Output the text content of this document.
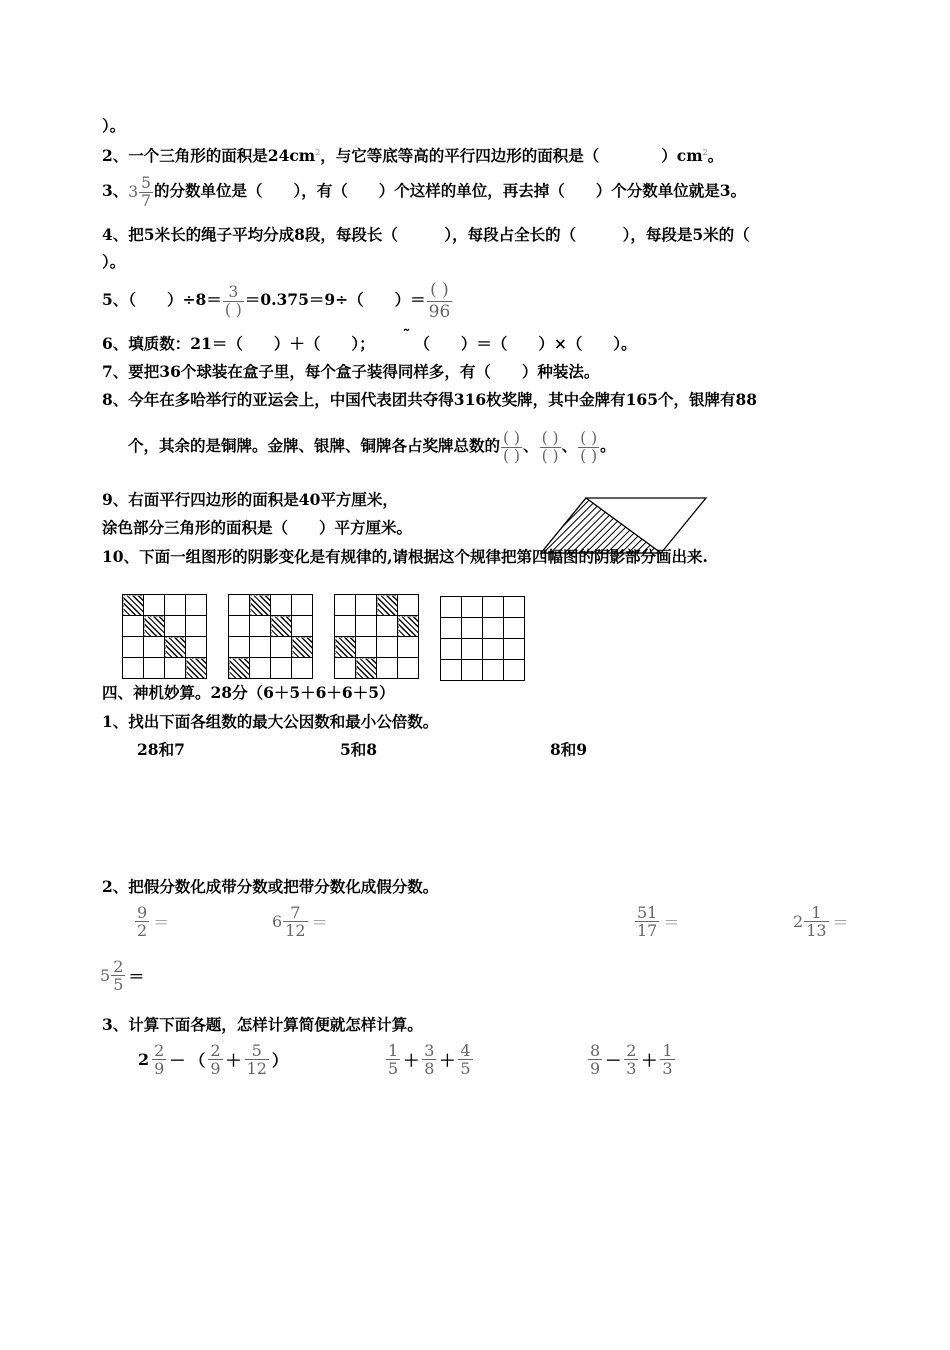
）。
2、一个三角形的面积是$24cm^2$，与它等底等高的平行四边形的面积是（　　　　）$cm^2$。
3、$3 \frac{5}{7}$ 的分数单位是（　　），有（　　）个这样的单位，再去掉（　　）个分数单位就是3。
4、把5米长的绳子平均分成8段，每段长（　　　），每段占全长的（　　　），每段是5米的（
）。
5、（　　）$\div 8= \frac{3}{( )} =0.375=9\div$（　　）＝ $\frac{( )}{96}$
6、填质数：21＝（　　）＋（　　）； ˜ （　　）＝（　　）×（　　）。
7、要把36个球装在盒子里，每个盒子装得同样多，有（　　）种装法。
8、今年在多哈举行的亚运会上，中国代表团共夺得316枚奖牌，其中金牌有165个，银牌有88
个，其余的是铜牌。金牌、银牌、铜牌各占奖牌总数的 $\frac{( )}{( )}$ 、 $\frac{( )}{( )}$ 、 $\frac{( )}{( )}$ 。
9、右面平行四边形的面积是40平方厘米，
涂色部分三角形的面积是（　　）平方厘米。
10、下面一组图形的阴影变化是有规律的,请根据这个规律把第四幅图的阴影部分画出来.

四、神机妙算。28分（6＋5＋6＋6＋5）
1、找出下面各组数的最大公因数和最小公倍数。
28和7	5和8	8和9
2、把假分数化成带分数或把带分数化成假分数。
$\frac{9}{2}$ ＝	$6 \frac{7}{12}$ ＝	$\frac{51}{17}$ ＝	$2 \frac{1}{13}$ ＝
$5 \frac{2}{5}$ ＝
3、计算下面各题，怎样计算简便就怎样计算。
$2 \frac{2}{9}$ － （ $\frac{2}{9} + \frac{5}{12}$ ）	$\frac{1}{5} + \frac{3}{8} + \frac{4}{5}$	$\frac{8}{9} - \frac{2}{3} + \frac{1}{3}$
